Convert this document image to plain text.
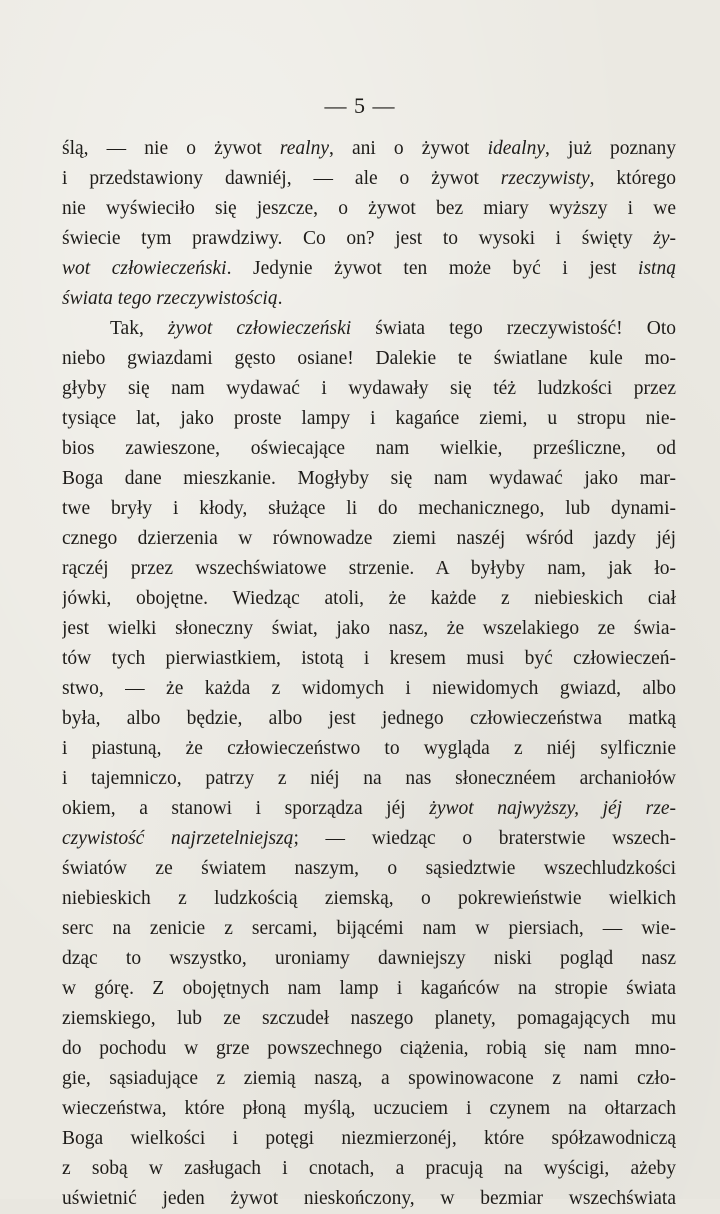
— 5 —
ślą, — nie o żywot realny, ani o żywot idealny, już poznany
i przedstawiony dawniéj, — ale o żywot rzeczywisty, którego
nie wyświeciło się jeszcze, o żywot bez miary wyższy i we
świecie tym prawdziwy. Co on? jest to wysoki i święty ży-
wot człowieczeński. Jedynie żywot ten może być i jest istną
świata tego rzeczywistością.
Tak, żywot człowieczeński świata tego rzeczywistość! Oto
niebo gwiazdami gęsto osiane! Dalekie te światlane kule mo-
głyby się nam wydawać i wydawały się téż ludzkości przez
tysiące lat, jako proste lampy i kagańce ziemi, u stropu nie-
bios zawieszone, oświecające nam wielkie, prześliczne, od
Boga dane mieszkanie. Mogłyby się nam wydawać jako mar-
twe bryły i kłody, służące li do mechanicznego, lub dynami-
cznego dzierzenia w równowadze ziemi naszéj wśród jazdy jéj
rączéj przez wszechświatowe strzenie. A byłyby nam, jak ło-
jówki, obojętne. Wiedząc atoli, że każde z niebieskich ciał
jest wielki słoneczny świat, jako nasz, że wszelakiego ze świa-
tów tych pierwiastkiem, istotą i kresem musi być człowieczeń-
stwo, — że każda z widomych i niewidomych gwiazd, albo
była, albo będzie, albo jest jednego człowieczeństwa matką
i piastuną, że człowieczeństwo to wygląda z niéj sylficznie
i tajemniczo, patrzy z niéj na nas słonecznéem archaniołów
okiem, a stanowi i sporządza jéj żywot najwyższy, jéj rze-
czywistość najrzetelniejszą; — wiedząc o braterstwie wszech-
światów ze światem naszym, o sąsiedztwie wszechludzkości
niebieskich z ludzkością ziemską, o pokrewieństwie wielkich
serc na zenicie z sercami, bijącémi nam w piersiach, — wie-
dząc to wszystko, uroniamy dawniejszy niski pogląd nasz
w górę. Z obojętnych nam lamp i kagańców na stropie świata
ziemskiego, lub ze szczudeł naszego planety, pomagających mu
do pochodu w grze powszechnego ciążenia, robią się nam mno-
gie, sąsiadujące z ziemią naszą, a spowinowacone z nami czło-
wieczeństwa, które płoną myślą, uczuciem i czynem na ołtarzach
Boga wielkości i potęgi niezmierzonéj, które spółzawodniczą
z sobą w zasługach i cnotach, a pracują na wyścigi, ażeby
uświetnić jeden żywot nieskończony, w bezmiar wszechświata
